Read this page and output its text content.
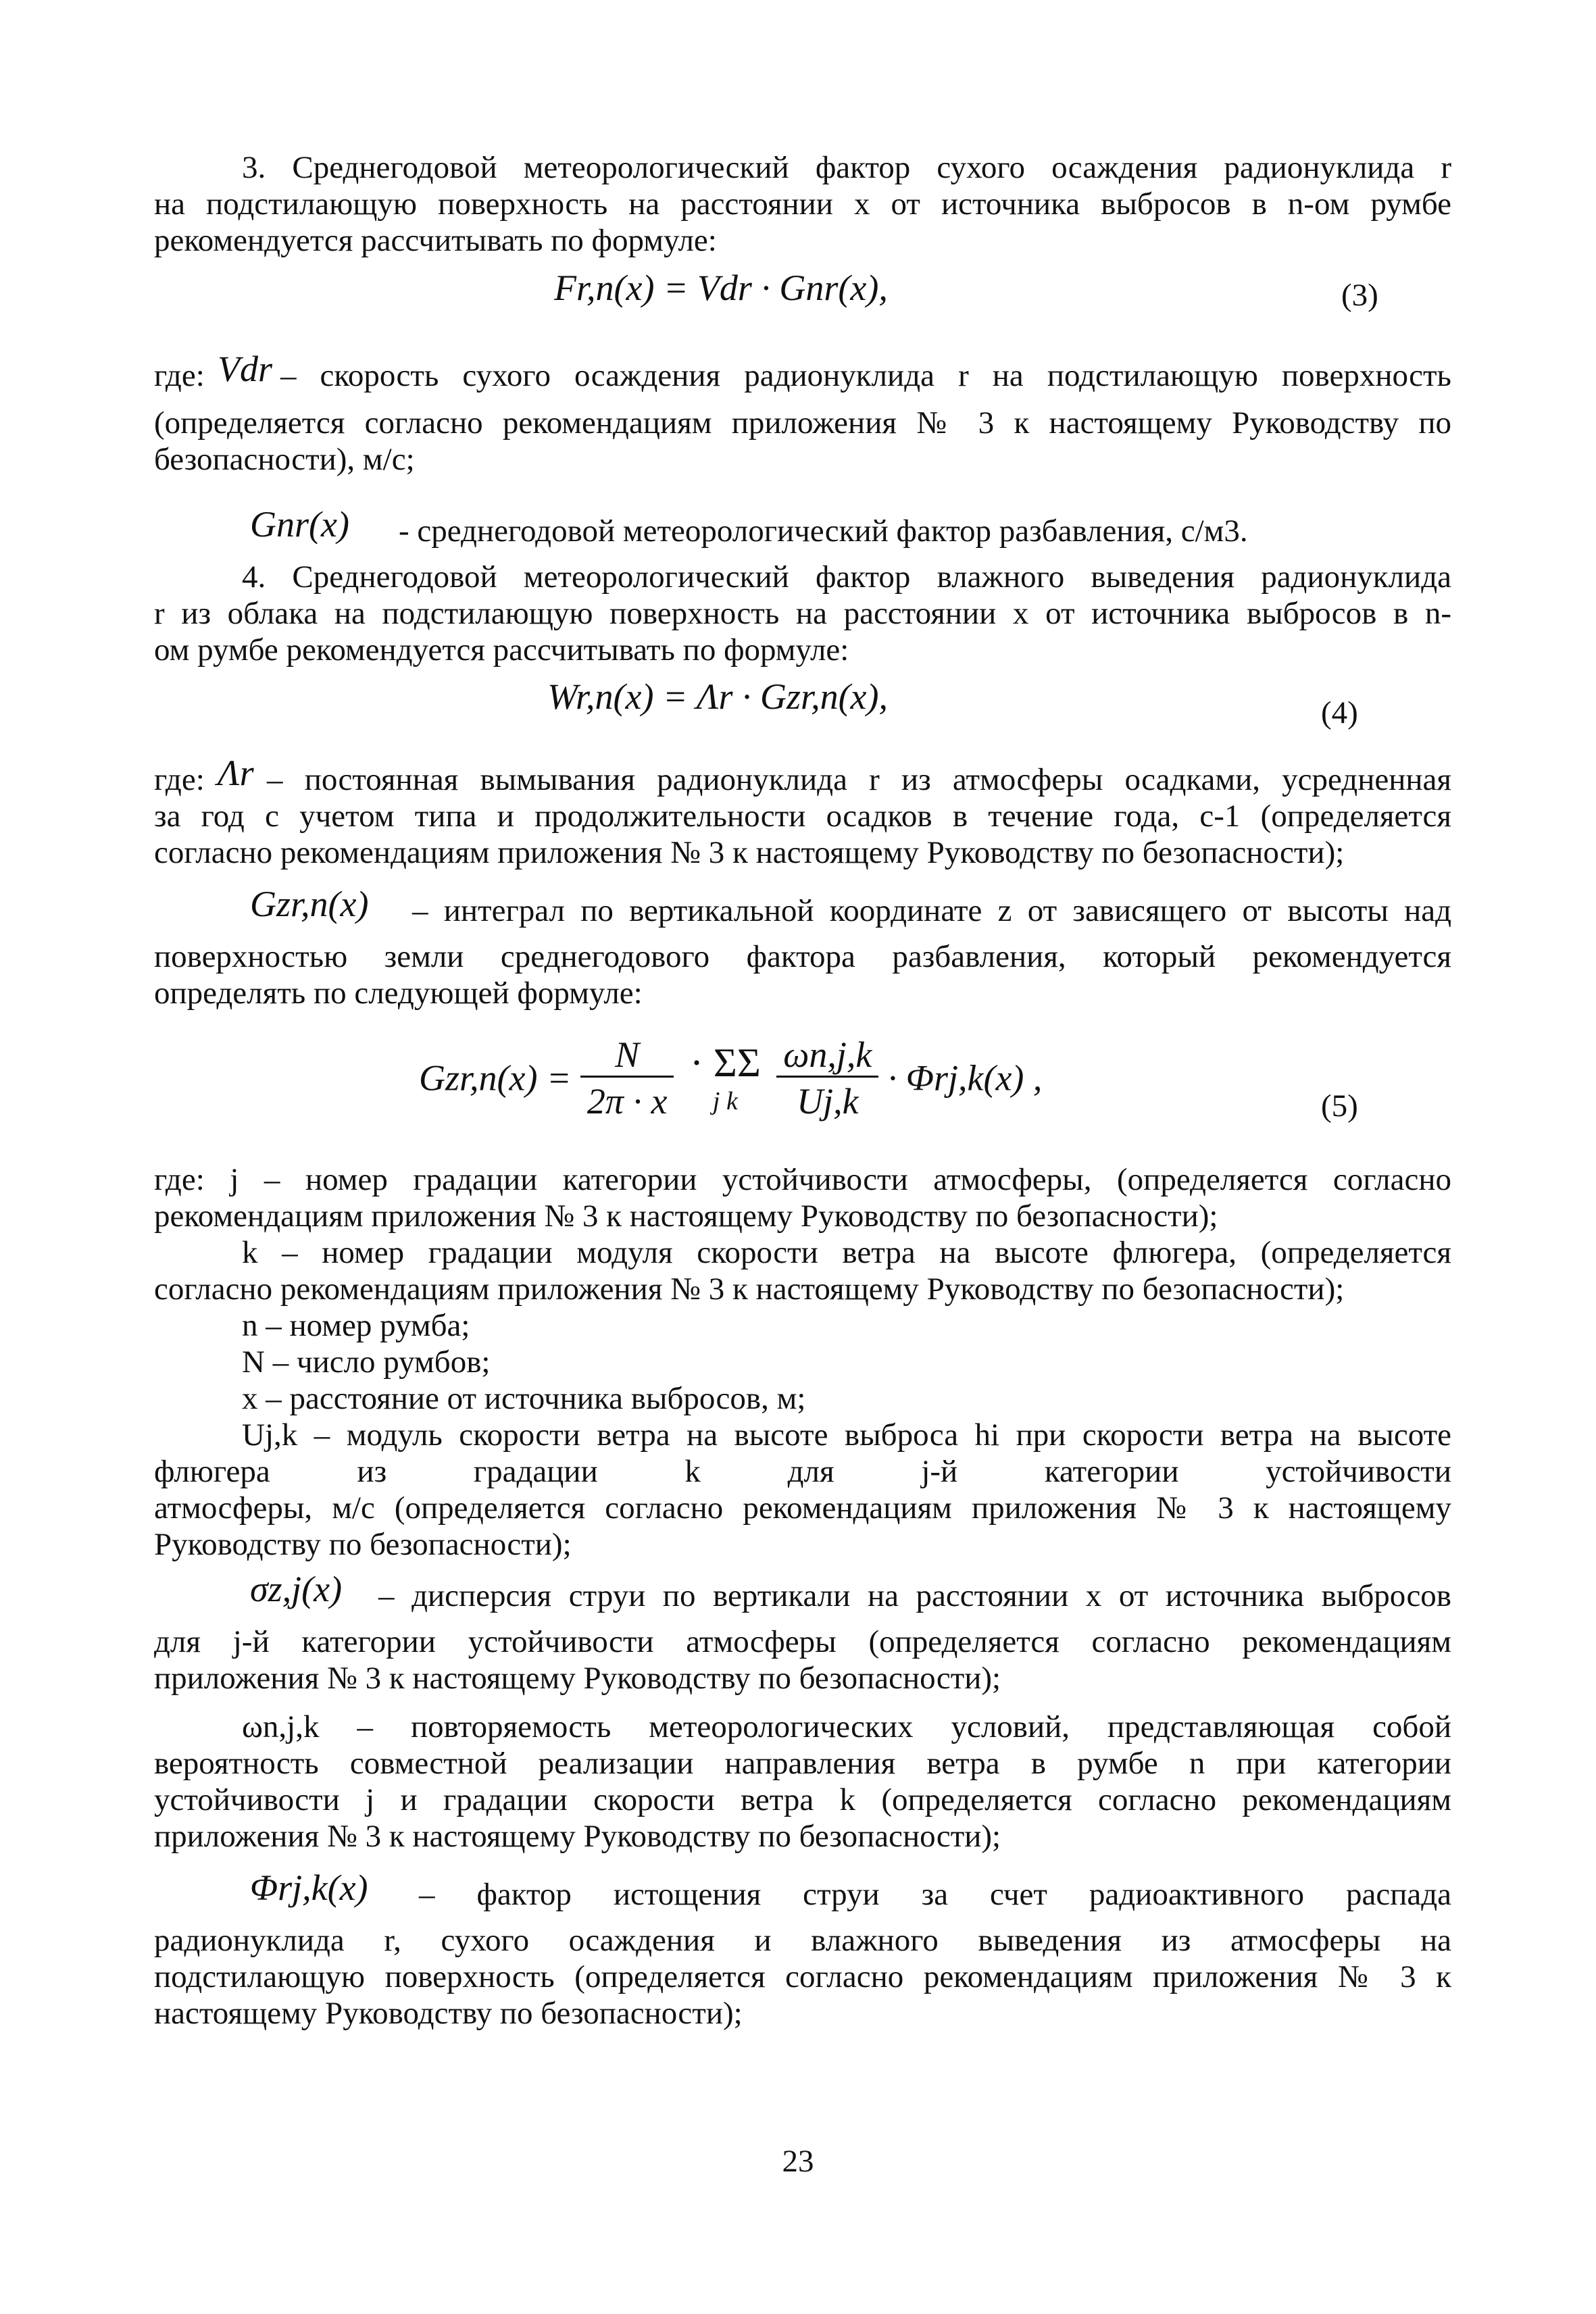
3. Среднегодовой метеорологический фактор сухого осаждения радионуклида r
на подстилающую поверхность на расстоянии x от источника выбросов в n-ом румбе
рекомендуется рассчитывать по формуле:
Fr,n(x) = Vdr · Gnr(x),	(3)
где: Vdr – скорость сухого осаждения радионуклида r на подстилающую поверхность
(определяется согласно рекомендациям приложения № 3 к настоящему Руководству по
безопасности), м/с;
Gnr(x)	- среднегодовой метеорологический фактор разбавления, с/м3.
4. Среднегодовой метеорологический фактор влажного выведения радионуклида
r из облака на подстилающую поверхность на расстоянии x от источника выбросов в n-
ом румбе рекомендуется рассчитывать по формуле:
Wr,n(x) = Λr · Gzr,n(x),	(4)
где: Λr – постоянная вымывания радионуклида r из атмосферы осадками, усредненная
за год с учетом типа и продолжительности осадков в течение года, с-1 (определяется
согласно рекомендациям приложения № 3 к настоящему Руководству по безопасности);
Gzr,n(x)	– интеграл по вертикальной координате z от зависящего от высоты над
поверхностью земли среднегодового фактора разбавления, который рекомендуется
определять по следующей формуле:
$Gzr,n(x) = \frac{N}{2\pi \cdot x}$
· ΣΣ
j k
	$\frac{\omega n,j,k}{Uj,k} \cdot \Phi rj,k(x)$ ,
(5)
где: j – номер градации категории устойчивости атмосферы, (определяется согласно
рекомендациям приложения № 3 к настоящему Руководству по безопасности);
k – номер градации модуля скорости ветра на высоте флюгера, (определяется
согласно рекомендациям приложения № 3 к настоящему Руководству по безопасности);
n – номер румба;
N – число румбов;
x – расстояние от источника выбросов, м;
Uj,k – модуль скорости ветра на высоте выброса hi при скорости ветра на высоте
флюгера из градации k для j-й категории устойчивости
атмосферы, м/с (определяется согласно рекомендациям приложения № 3 к настоящему
Руководству по безопасности);
σz,j(x)	– дисперсия струи по вертикали на расстоянии x от источника выбросов
для j-й категории устойчивости атмосферы (определяется согласно рекомендациям
приложения № 3 к настоящему Руководству по безопасности);
ωn,j,k – повторяемость метеорологических условий, представляющая собой
вероятность совместной реализации направления ветра в румбе n при категории
устойчивости j и градации скорости ветра k (определяется согласно рекомендациям
приложения № 3 к настоящему Руководству по безопасности);
Φrj,k(x)	– фактор истощения струи за счет радиоактивного распада
радионуклида r, сухого осаждения и влажного выведения из атмосферы на
подстилающую поверхность (определяется согласно рекомендациям приложения № 3 к
настоящему Руководству по безопасности);
23
